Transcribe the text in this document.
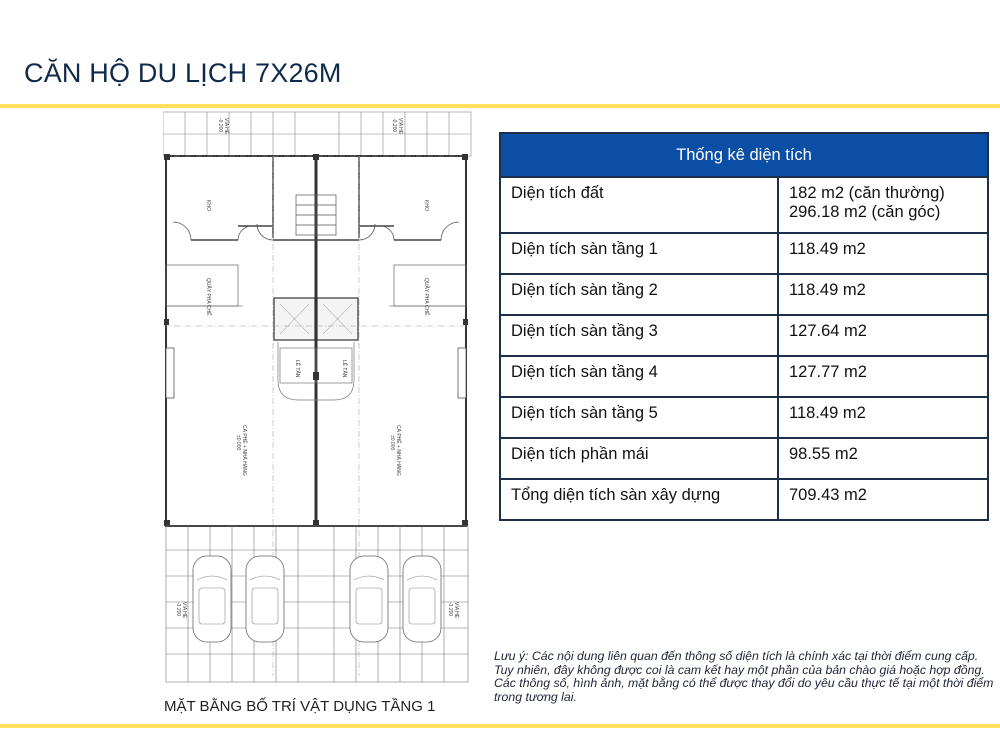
CĂN HỘ DU LỊCH 7X26M
KHO	KHO
QUẦY PHA CHẾ	QUẦY PHA CHẾ
LỄ TÂN	LỄ TÂN
CÀ PHÊ + NHÀ HÀNG	CÀ PHÊ + NHÀ HÀNG
±0.000	±0.000
VỈA HÈ
-0.200	VỈA HÈ
-0.200
VỈA HÈ
-3.200	VỈA HÈ
-3.200
MẶT BẰNG BỐ TRÍ VẬT DỤNG TẦNG 1
Thống kê diện tích	
Diện tích đất	182 m2 (căn thường)
296.18 m2 (căn góc)
Diện tích sàn tầng 1	118.49 m2
Diện tích sàn tầng 2	118.49 m2
Diện tích sàn tầng 3	127.64 m2
Diện tích sàn tầng 4	127.77 m2
Diện tích sàn tầng 5	118.49 m2
Diện tích phần mái	98.55 m2
Tổng diện tích sàn xây dựng	709.43 m2
Lưu ý: Các nội dung liên quan đến thông số diện tích là chính xác tại thời điểm cung cấp. Tuy nhiên, đây không được coi là cam kết hay một phần của bản chào giá hoặc hợp đồng. Các thông số, hình ảnh, mặt bằng có thể được thay đổi do yêu cầu thực tế tại một thời điểm trong tương lai.
